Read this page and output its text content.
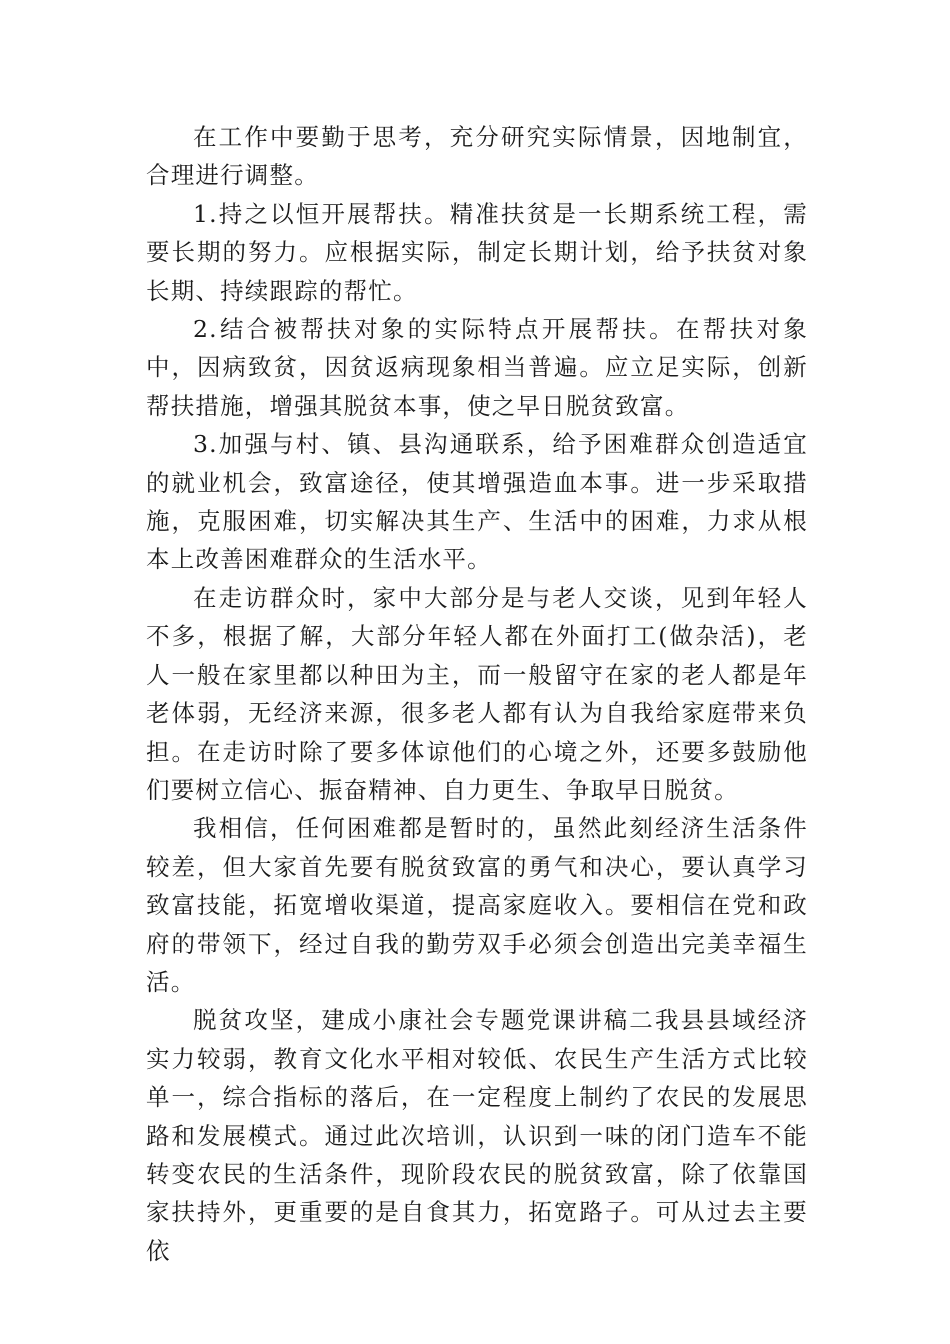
在工作中要勤于思考，充分研究实际情景，因地制宜，合理进行调整。

1.持之以恒开展帮扶。精准扶贫是一长期系统工程，需要长期的努力。应根据实际，制定长期计划，给予扶贫对象长期、持续跟踪的帮忙。

2.结合被帮扶对象的实际特点开展帮扶。在帮扶对象中，因病致贫，因贫返病现象相当普遍。应立足实际，创新帮扶措施，增强其脱贫本事，使之早日脱贫致富。

3.加强与村、镇、县沟通联系，给予困难群众创造适宜的就业机会，致富途径，使其增强造血本事。进一步采取措施，克服困难，切实解决其生产、生活中的困难，力求从根本上改善困难群众的生活水平。

在走访群众时，家中大部分是与老人交谈，见到年轻人不多，根据了解，大部分年轻人都在外面打工(做杂活)，老人一般在家里都以种田为主，而一般留守在家的老人都是年老体弱，无经济来源，很多老人都有认为自我给家庭带来负担。在走访时除了要多体谅他们的心境之外，还要多鼓励他们要树立信心、振奋精神、自力更生、争取早日脱贫。

我相信，任何困难都是暂时的，虽然此刻经济生活条件较差，但大家首先要有脱贫致富的勇气和决心，要认真学习致富技能，拓宽增收渠道，提高家庭收入。要相信在党和政府的带领下，经过自我的勤劳双手必须会创造出完美幸福生活。

脱贫攻坚，建成小康社会专题党课讲稿二我县县域经济实力较弱，教育文化水平相对较低、农民生产生活方式比较单一，综合指标的落后，在一定程度上制约了农民的发展思路和发展模式。通过此次培训，认识到一味的闭门造车不能转变农民的生活条件，现阶段农民的脱贫致富，除了依靠国家扶持外，更重要的是自食其力，拓宽路子。可从过去主要依
